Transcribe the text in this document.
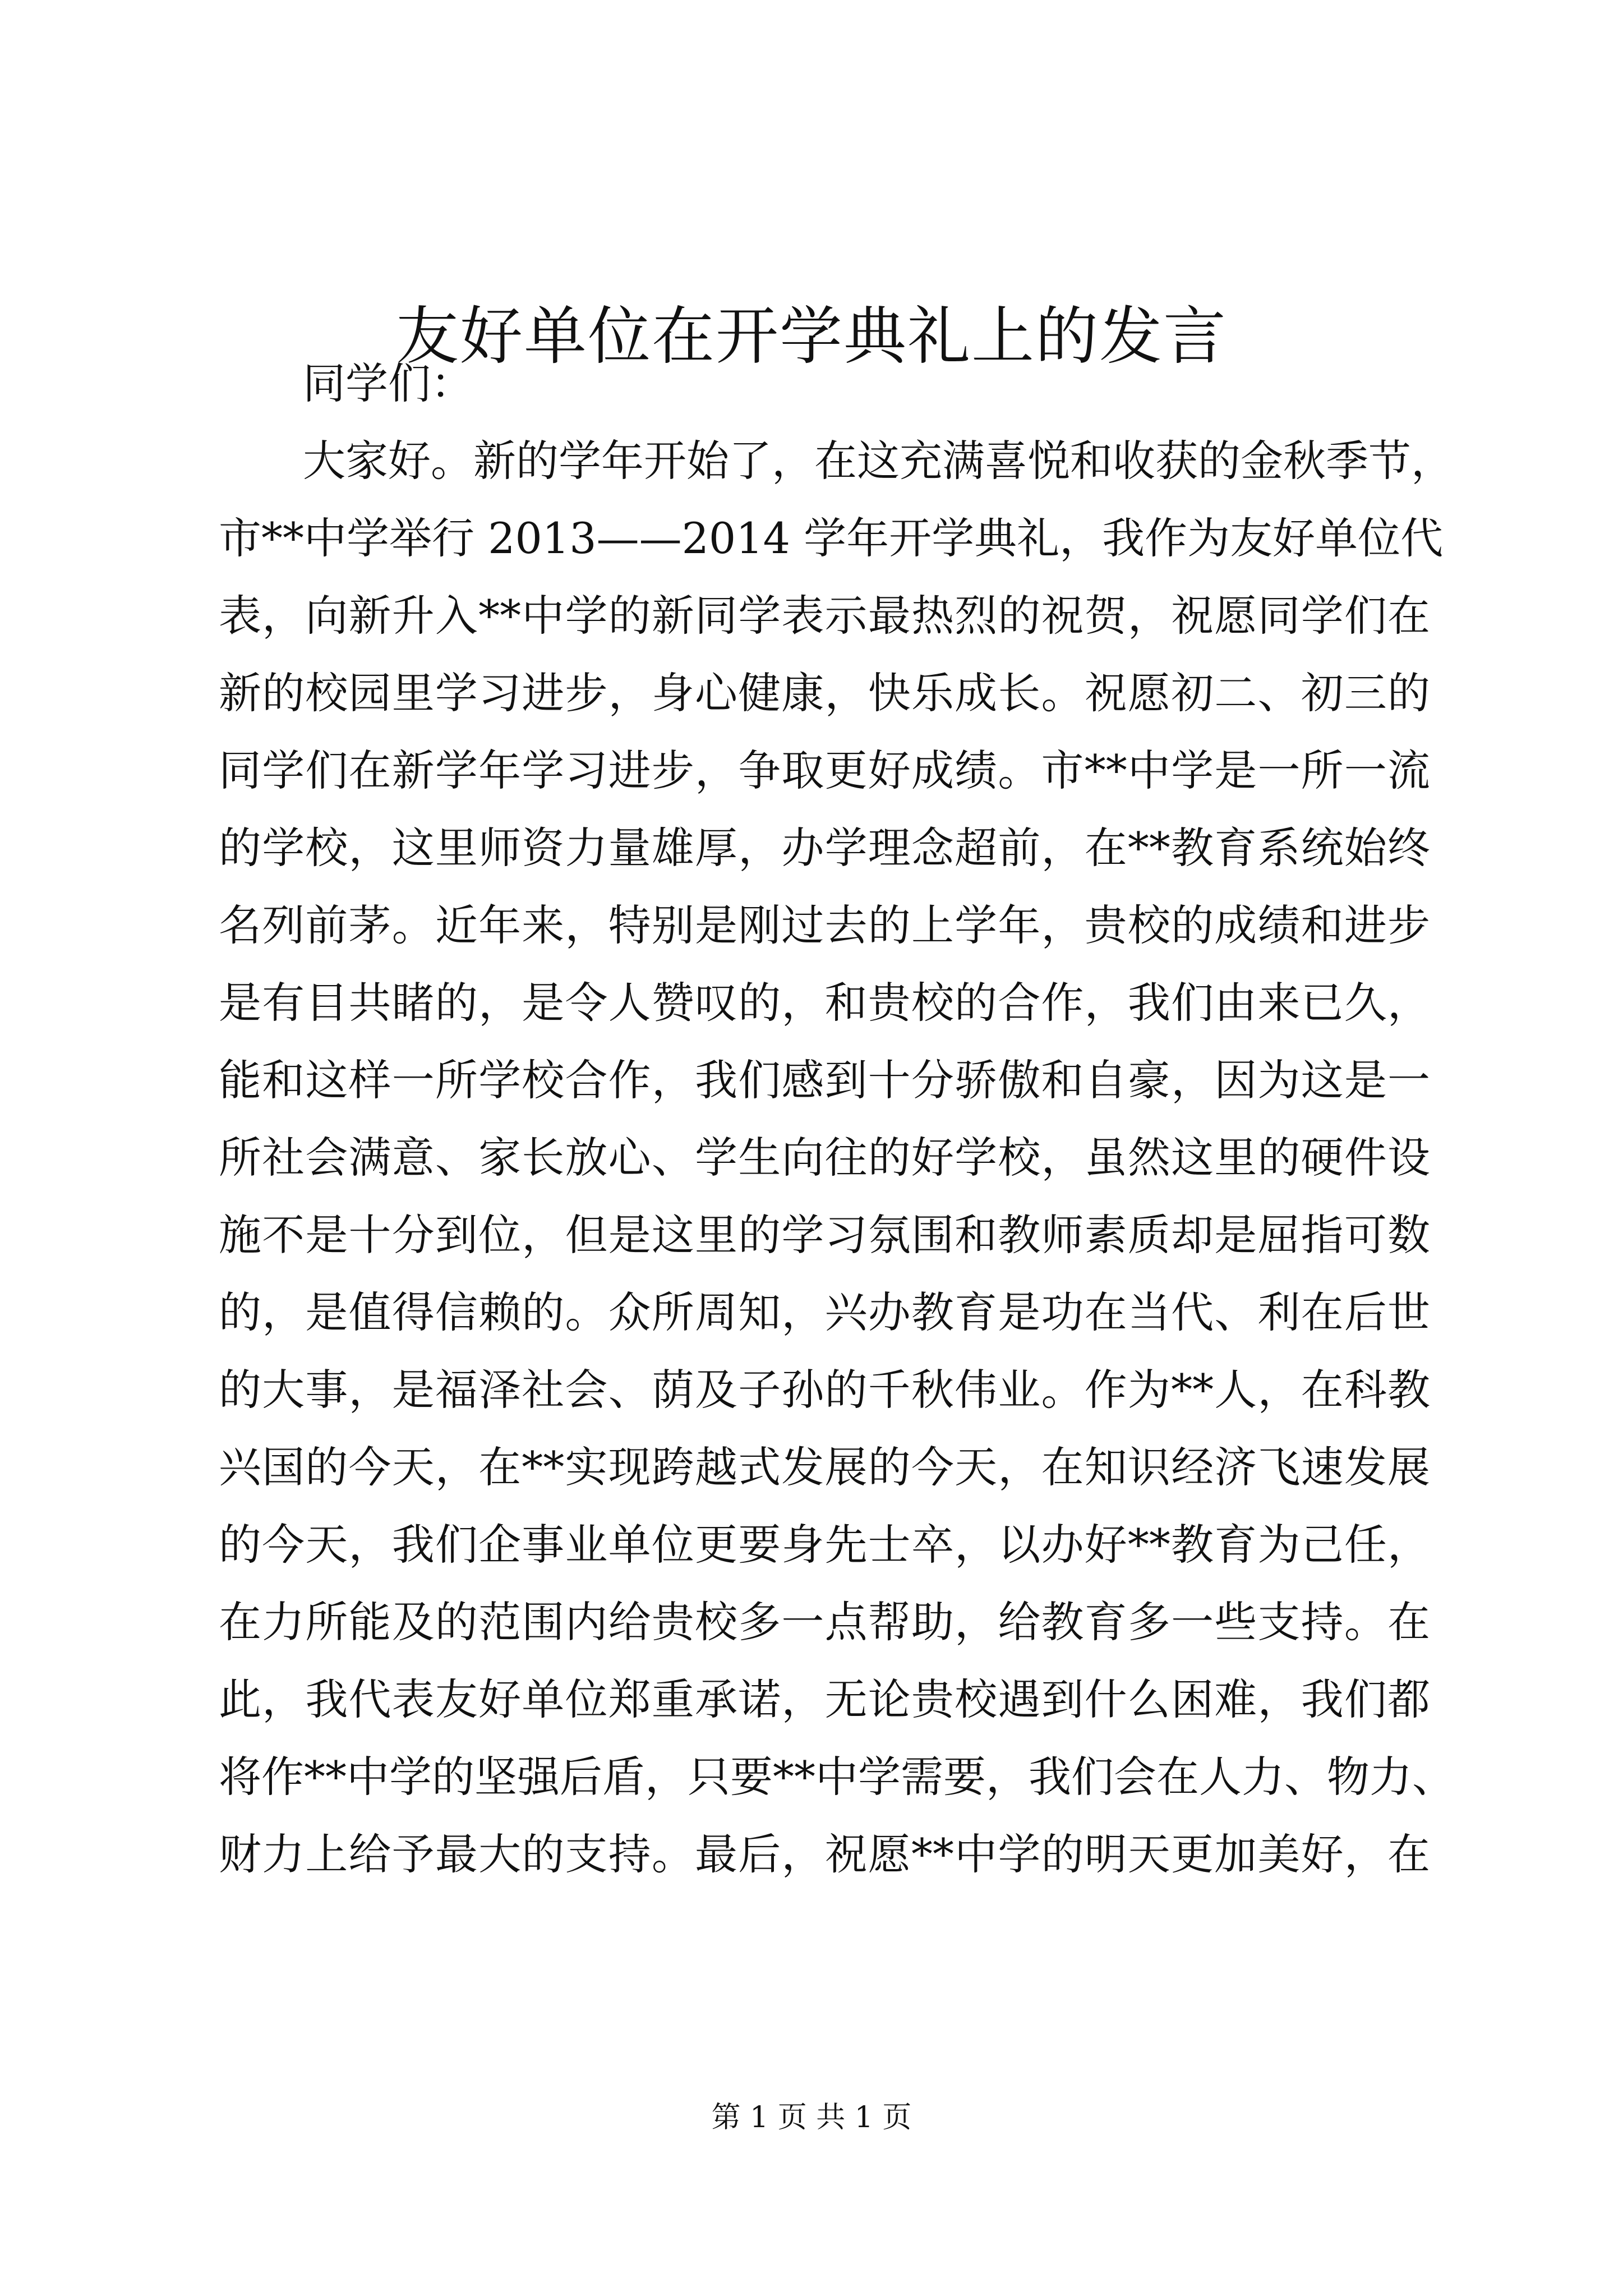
友好单位在开学典礼上的发言
同学们：
大家好。新的学年开始了，在这充满喜悦和收获的金秋季节，
市**中学举行 2013——2014 学年开学典礼，我作为友好单位代
表，向新升入**中学的新同学表示最热烈的祝贺，祝愿同学们在
新的校园里学习进步，身心健康，快乐成长。祝愿初二、初三的
同学们在新学年学习进步，争取更好成绩。市**中学是一所一流
的学校，这里师资力量雄厚，办学理念超前，在**教育系统始终
名列前茅。近年来，特别是刚过去的上学年，贵校的成绩和进步
是有目共睹的，是令人赞叹的，和贵校的合作，我们由来已久，
能和这样一所学校合作，我们感到十分骄傲和自豪，因为这是一
所社会满意、家长放心、学生向往的好学校，虽然这里的硬件设
施不是十分到位，但是这里的学习氛围和教师素质却是屈指可数
的，是值得信赖的。众所周知，兴办教育是功在当代、利在后世
的大事，是福泽社会、荫及子孙的千秋伟业。作为**人，在科教
兴国的今天，在**实现跨越式发展的今天，在知识经济飞速发展
的今天，我们企事业单位更要身先士卒，以办好**教育为己任，
在力所能及的范围内给贵校多一点帮助，给教育多一些支持。在
此，我代表友好单位郑重承诺，无论贵校遇到什么困难，我们都
将作**中学的坚强后盾，只要**中学需要，我们会在人力、物力、
财力上给予最大的支持。最后，祝愿**中学的明天更加美好，在
第 1 页 共 1 页
